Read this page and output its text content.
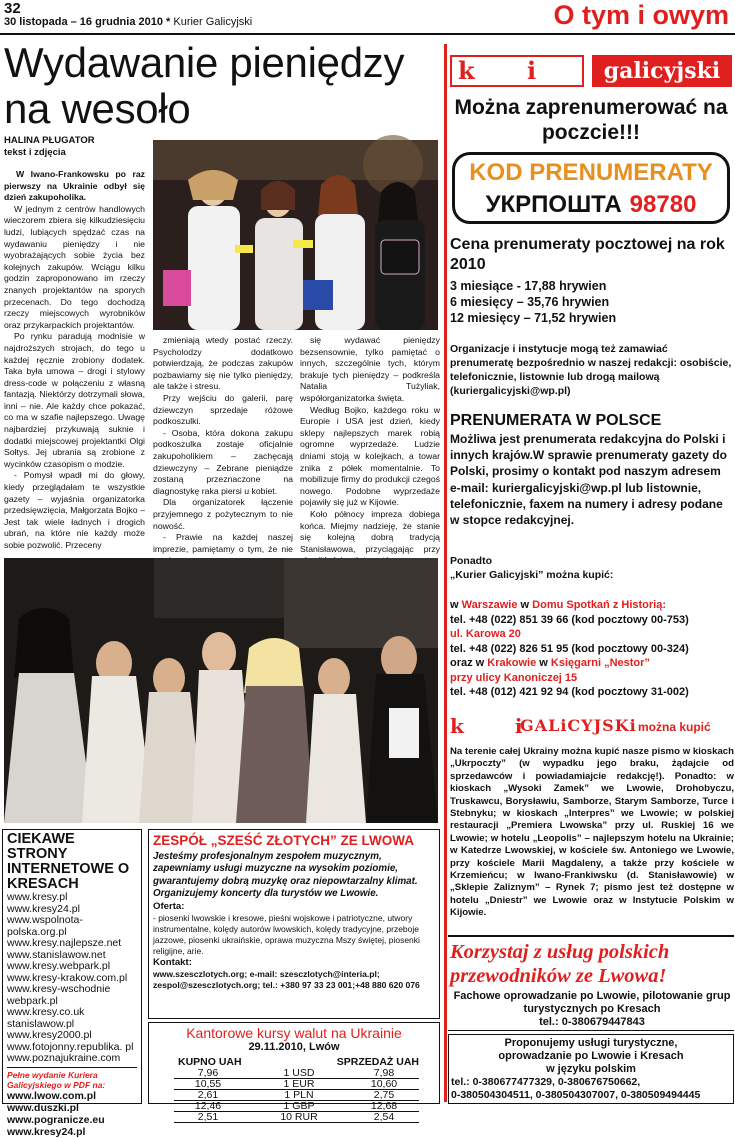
32
30 listopada – 16 grudnia 2010 * Kurier Galicyjski	O tym i owym
Wydawanie pieniędzy
na wesoło
HALINA PŁUGATOR
tekst i zdjęcia

W Iwano-Frankowsku po raz pierwszy na Ukrainie odbył się dzień zakupoholika.

W jednym z centrów handlowych wieczorem zbiera się kilkudziesięciu ludzi, lubiących spędzać czas na wydawaniu pieniędzy i nie wyobrażających sobie życia bez kolejnych zakupów. Wciągu kilku godzin zaproponowano im rzeczy znanych projektantów na sporych przecenach. Do tego dochodzą rzeczy miejscowych wyrobników oraz przykarpackich projektantów.

Po rynku paradują modnisie w najdroższych strojach, do tego u każdej ręcznie zrobiony dodatek. Taka była umowa – drogi i stylowy dress-code w połączeniu z własną fantazją. Niektórzy dotrzymali słowa, inni – nie. Ale każdy chce pokazać, co ma w szafie najlepszego. Uwagę najbardziej przykuwają suknie i dodatki miejscowej projektantki Olgi Sołtys. Jej ubrania są zrobione z wycinków czasopism o modzie.

- Pomysł wpadł mi do głowy, kiedy przeglądałam te wszystkie gazety – wyjaśnia organizatorka przedsięwzięcia, Małgorzata Bojko – Jest tak wiele ładnych i drogich ubrań, na które nie każdy może sobie pozwolić. Przeceny

zmieniają wtedy postać rzeczy. Psycholodzy dodatkowo potwierdzają, że podczas zakupów pozbawiamy się nie tylko pieniędzy, ale także i stresu.

Przy wejściu do galerii, parę dziewczyn sprzedaje różowe podkoszulki.

- Osoba, która dokona zakupu podkoszulka zostaje oficjalnie zakupoholikiem – zachęcają dziewczyny – Zebrane pieniądze zostaną przeznaczone na diagnostykę raka piersi u kobiet.

Dla organizatorek łączenie przyjemnego z pożytecznym to nie nowość.

- Prawie na każdej naszej imprezie, pamiętamy o tym, że nie

się wydawać pieniędzy bezsensownie, tylko pamiętać o innych, szczególnie tych, którym brakuje tych pieniędzy – podkreśla Natalia Tużyliak, współorganizatorka święta.

Według Bojko, każdego roku w Europie i USA jest dzień, kiedy sklepy najlepszych marek robią ogromne wyprzedaże. Ludzie dniami stoją w kolejkach, a towar znika z półek momentalnie. To mobilizuje firmy do produkcji czegoś nowego. Podobne wyprzedaże pojawiły się już w Kijowie.

Koło północy impreza dobiega końca. Miejmy nadzieję, że stanie się kolejną dobrą tradycją Stanisławowa, przyciągając przy

k i	galicyjski
Można zaprenumerować na poczcie!!!
KOD PRENUMERATY
УКРПОШТА 98780
Cena prenumeraty pocztowej na rok 2010
3 miesiące - 17,88 hrywien
6 miesięcy – 35,76 hrywien
12 miesięcy – 71,52 hrywien
Organizacje i instytucje mogą też zamawiać prenumeratę bezpośrednio w naszej redakcji: osobiście, telefonicznie, listownie lub drogą mailową (kuriergalicyjski@wp.pl)
PRENUMERATA W POLSCE
Możliwa jest prenumerata redakcyjna do Polski i innych krajów.W sprawie prenumeraty gazety do Polski, prosimy o kontakt pod naszym adresem e-mail: kuriergalicyjski@wp.pl lub listownie, telefonicznie, faxem na numery i adresy podane w stopce redakcyjnej.
Ponadto
„Kurier Galicyjski” można kupić:
w Warszawie w Domu Spotkań z Historią:
tel. +48 (022) 851 39 66 (kod pocztowy 00-753)
ul. Karowa 20
tel. +48 (022) 826 51 95 (kod pocztowy 00-324)
oraz w Krakowie w Księgarni „Nestor”
przy ulicy Kanoniczej 15
tel. +48 (012) 421 92 94 (kod pocztowy 31-002)
k i
GALiCYJSKi można kupić
Na terenie całej Ukrainy można kupić nasze pismo w kioskach „Ukrpoczty” (w wypadku jego braku, żądajcie od sprzedawców i powiadamiajcie redakcję!). Ponadto: w kioskach „Wysoki Zamek” we Lwowie, Drohobyczu, Truskawcu, Borysławiu, Samborze, Starym Samborze, Turce i Stebnyku; w kioskach „Interpres” we Lwowie; w polskiej restauracji „Premiera Lwowska” przy ul. Ruskiej 16 we Lwowie; w hotelu „Leopolis” – najlepszym hotelu na Ukrainie; w Katedrze Lwowskiej, w kościele św. Antoniego we Lwowie, przy kościele Marii Magdaleny, a także przy kościele w Krzemieńcu; w Iwano-Frankiwsku (d. Stanisławowie) w „Sklepie Zaliznym” – Rynek 7; pismo jest też dostępne w hotelu „Dniestr” we Lwowie oraz w Instytucie Polskim w Kijowie.
Korzystaj z usług polskich przewodników ze Lwowa!
Fachowe oprowadzanie po Lwowie, pilotowanie grup turystycznych po Kresach
tel.: 0-380679447843
Proponujemy usługi turystyczne,
oprowadzanie po Lwowie i Kresach
w języku polskim
tel.: 0-380677477329, 0-380676750662,
0-380504304511, 0-380504307007, 0-380509494445
CIEKAWE STRONY INTERNETOWE O KRESACH
www.kresy.pl
www.kresy24.pl
www.wspolnota-polska.org.pl
www.kresy.najlepsze.net
www.stanislawow.net
www.kresy.webpark.pl
www.kresy-krakow.com.pl
www.kresy-wschodnie webpark.pl
www.kresy.co.uk stanislawow.pl
www.kresy2000.pl
www.fotojonny.republika. pl
www.poznajukraine.com
Pełne wydanie Kuriera Galicyjskiego w PDF na:
www.lwow.com.pl
www.duszki.pl
www.pogranicze.eu
www.kresy24.pl
ZESPÓŁ „SZEŚĆ ZŁOTYCH” ZE LWOWA
Jesteśmy profesjonalnym zespołem muzycznym, zapewniamy usługi muzyczne na wysokim poziomie, gwarantujemy dobrą muzykę oraz niepowtarzalny klimat. Organizujemy koncerty dla turystów we Lwowie.
Oferta:
- piosenki lwowskie i kresowe, pieśni wojskowe i patriotyczne, utwory instrumentalne, kolędy autorów lwowskich, kolędy tradycyjne, przeboje jazzowe, piosenki ukraińskie, oprawa muzyczna Mszy świętej, piosenki religijne, arie.
Kontakt:
www.szesczlotych.org; e-mail: szesczlotych@interia.pl;
zespol@szesczlotych.org; tel.: +380 97 33 23 001;+48 880 620 076
Kantorowe kursy walut na Ukrainie
29.11.2010, Lwów
KUPNO UAH	SPRZEDAŻ UAH
7,96	1 USD	7,98
10,55	1 EUR	10,60
2,61	1 PLN	2,75
12,46	1 GBP	12,68
2,51	10 RUR	2,54
